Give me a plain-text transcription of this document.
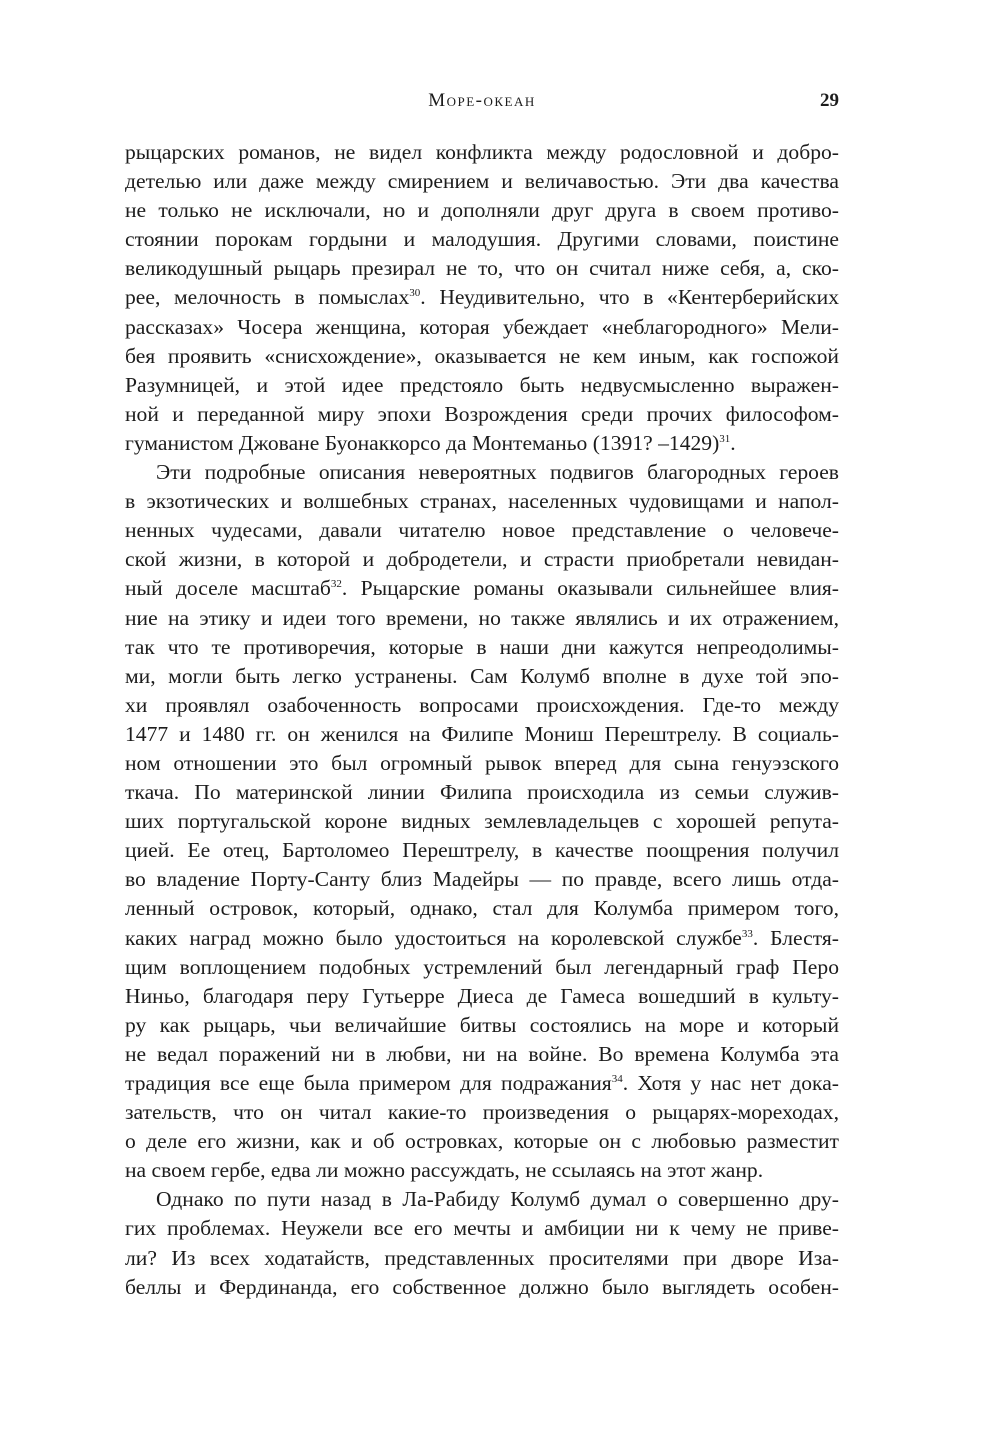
Море-океан	29
рыцарских романов, не видел конфликта между родословной и добро-
детелью или даже между смирением и величавостью. Эти два качества
не только не исключали, но и дополняли друг друга в своем противо-
стоянии порокам гордыни и малодушия. Другими словами, поистине
великодушный рыцарь презирал не то, что он считал ниже себя, а, ско-
рее, мелочность в помыслах$^{30}$. Неудивительно, что в «Кентерберийских
рассказах» Чосера женщина, которая убеждает «неблагородного» Мели-
бея проявить «снисхождение», оказывается не кем иным, как госпожой
Разумницей, и этой идее предстояло быть недвусмысленно выражен-
ной и переданной миру эпохи Возрождения среди прочих философом-
гуманистом Джоване Буонаккорсо да Монтеманьо (1391? –1429)$^{31}$.
Эти подробные описания невероятных подвигов благородных героев
в экзотических и волшебных странах, населенных чудовищами и напол-
ненных чудесами, давали читателю новое представление о человече-
ской жизни, в которой и добродетели, и страсти приобретали невидан-
ный доселе масштаб$^{32}$. Рыцарские романы оказывали сильнейшее влия-
ние на этику и идеи того времени, но также являлись и их отражением,
так что те противоречия, которые в наши дни кажутся непреодолимы-
ми, могли быть легко устранены. Сам Колумб вполне в духе той эпо-
хи проявлял озабоченность вопросами происхождения. Где-то между
1477 и 1480 гг. он женился на Филипе Мониш Перештрелу. В социаль-
ном отношении это был огромный рывок вперед для сына генуэзского
ткача. По материнской линии Филипа происходила из семьи служив-
ших португальской короне видных землевладельцев с хорошей репута-
цией. Ее отец, Бартоломео Перештрелу, в качестве поощрения получил
во владение Порту-Санту близ Мадейры — по правде, всего лишь отда-
ленный островок, который, однако, стал для Колумба примером того,
каких наград можно было удостоиться на королевской службе$^{33}$. Блестя-
щим воплощением подобных устремлений был легендарный граф Перо
Ниньо, благодаря перу Гутьерре Диеса де Гамеса вошедший в культу-
ру как рыцарь, чьи величайшие битвы состоялись на море и который
не ведал поражений ни в любви, ни на войне. Во времена Колумба эта
традиция все еще была примером для подражания$^{34}$. Хотя у нас нет дока-
зательств, что он читал какие-то произведения о рыцарях-мореходах,
о деле его жизни, как и об островках, которые он с любовью разместит
на своем гербе, едва ли можно рассуждать, не ссылаясь на этот жанр.
Однако по пути назад в Ла-Рабиду Колумб думал о совершенно дру-
гих проблемах. Неужели все его мечты и амбиции ни к чему не приве-
ли? Из всех ходатайств, представленных просителями при дворе Иза-
беллы и Фердинанда, его собственное должно было выглядеть особен-
